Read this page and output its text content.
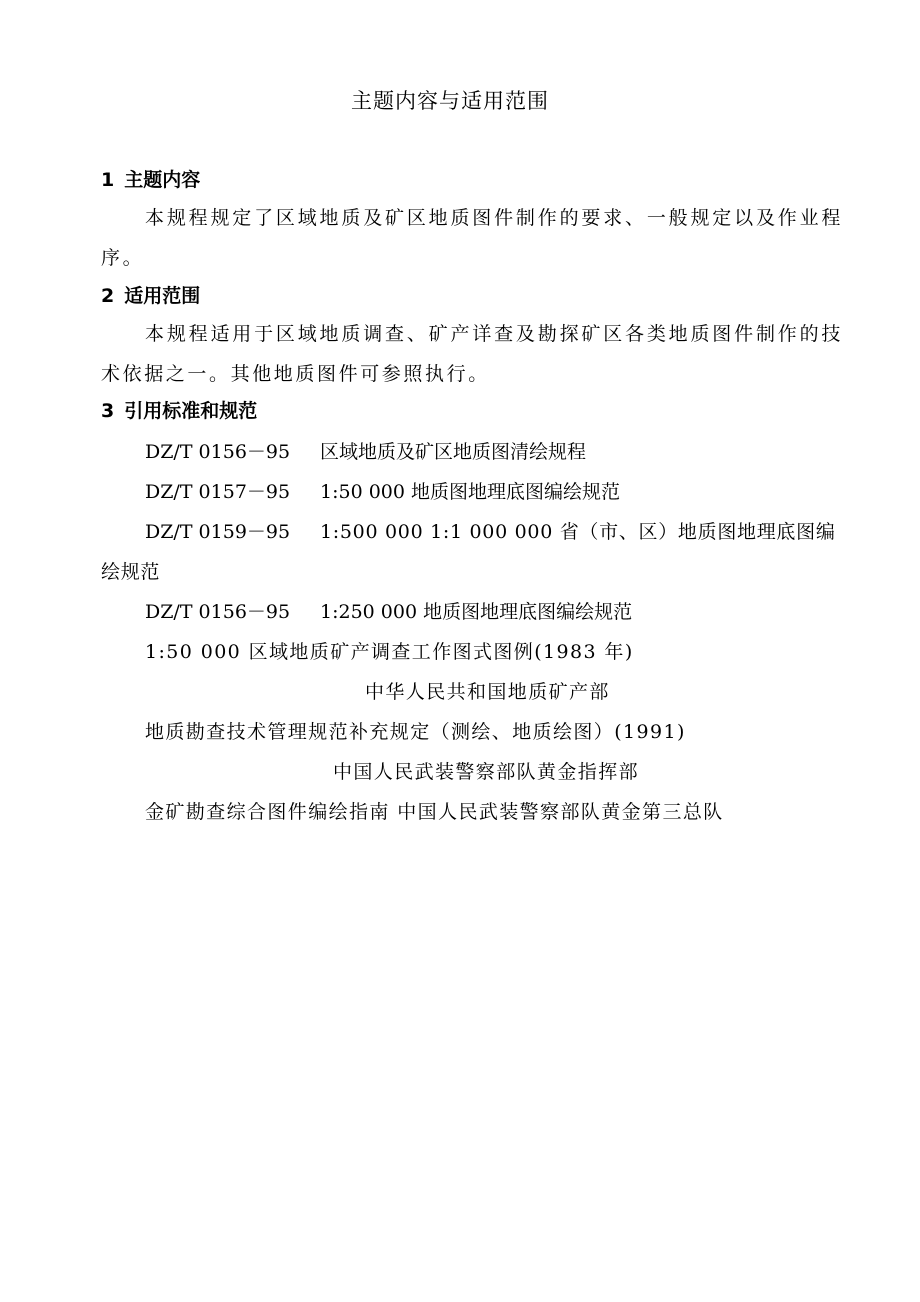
主题内容与适用范围
1 主题内容
本规程规定了区域地质及矿区地质图件制作的要求、一般规定以及作业程序。
2 适用范围
本规程适用于区域地质调查、矿产详查及勘探矿区各类地质图件制作的技术依据之一。其他地质图件可参照执行。
3 引用标准和规范
DZ/T 0156－95 区域地质及矿区地质图清绘规程
DZ/T 0157－95 1:50 000 地质图地理底图编绘规范
DZ/T 0159－95 1:500 000 1:1 000 000 省（市、区）地质图地理底图编绘规范
DZ/T 0156－95 1:250 000 地质图地理底图编绘规范
1:50 000 区域地质矿产调查工作图式图例(1983 年)
中华人民共和国地质矿产部
地质勘查技术管理规范补充规定（测绘、地质绘图）(1991)
中国人民武装警察部队黄金指挥部
金矿勘查综合图件编绘指南 中国人民武装警察部队黄金第三总队
